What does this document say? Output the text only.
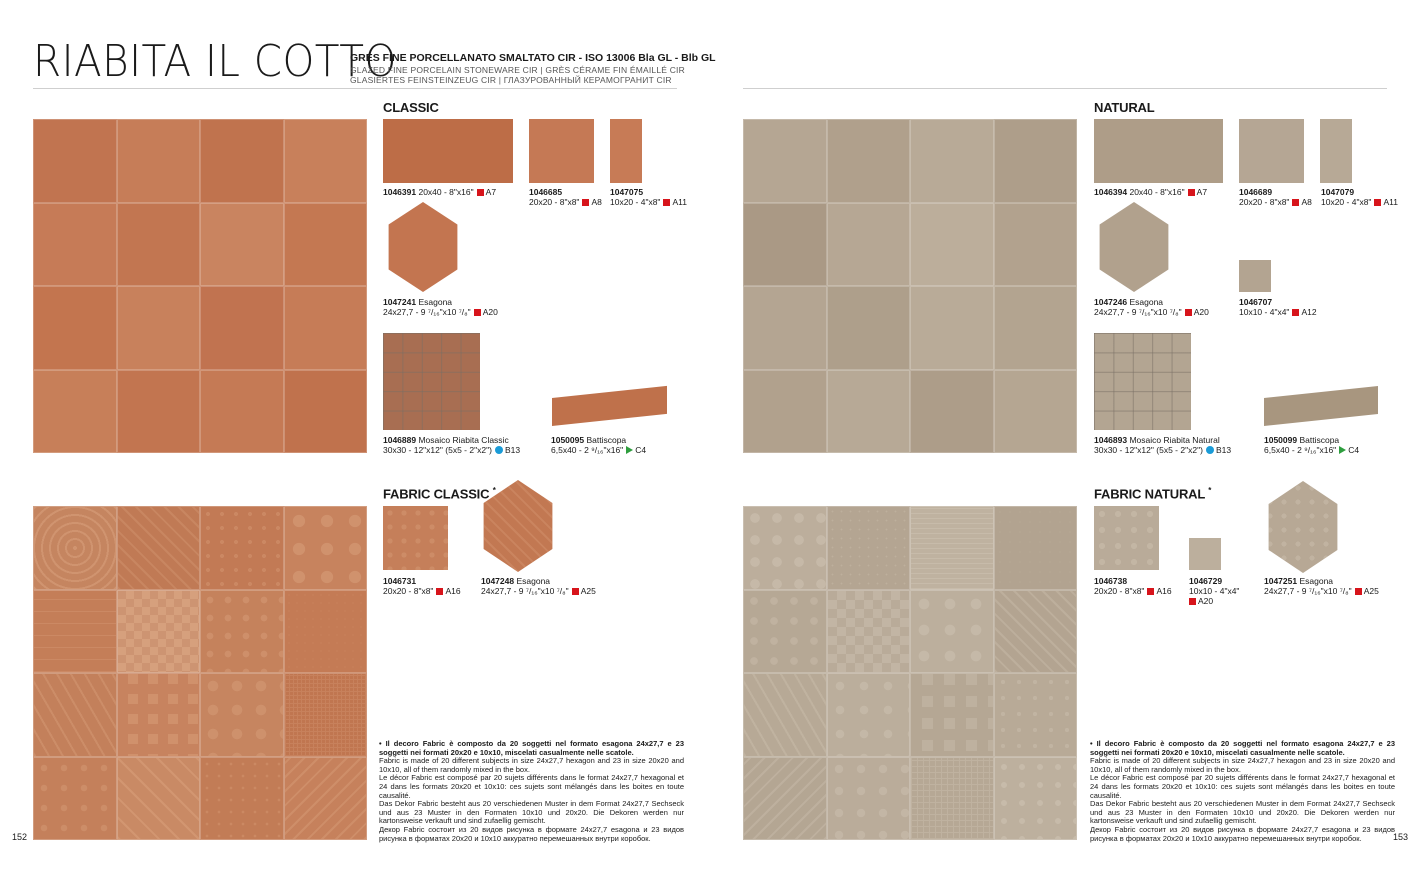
RIABITA IL COTTO
GRES FINE PORCELLANATO SMALTATO CIR - ISO 13006 Bla GL - Blb GL
GLAZED FINE PORCELAIN STONEWARE CIR | GRÈS CÉRAME FIN ÉMAILLÉ CIR
GLASIERTES FEINSTEINZEUG CIR | ГЛАЗУРОВАННЫЙ КЕРАМОГРАНИТ CIR
CLASSIC
1046391 20x40 - 8"x16" A7	1046685
20x20 - 8"x8" A8
1047075
10x20 - 4"x8" A11
1047241 Esagona
24x27,7 - 9 ⁷/₁₆"x10 ⁷/₈" A20
1046889 Mosaico Riabita Classic
30x30 - 12"x12" (5x5 - 2"x2") B13
1050095 Battiscopa
6,5x40 - 2 ⁹/₁₆"x16" C4
FABRIC CLASSIC *
1046731
20x20 - 8"x8" A16
1047248 Esagona
24x27,7 - 9 ⁷/₁₆"x10 ⁷/₈" A25
• Il decoro Fabric è composto da 20 soggetti nel formato esagona 24x27,7 e 23 soggetti nei formati 20x20 e 10x10, miscelati casualmente nelle scatole.
Fabric is made of 20 different subjects in size 24x27,7 hexagon and 23 in size 20x20 and 10x10, all of them randomly mixed in the box.
Le décor Fabric est composé par 20 sujets différents dans le format 24x27,7 hexagonal et 24 dans les formats 20x20 et 10x10: ces sujets sont mélangés dans les boites en toute causalité.
Das Dekor Fabric besteht aus 20 verschiedenen Muster in dem Format 24x27,7 Sechseck und aus 23 Muster in den Formaten 10x10 und 20x20. Die Dekoren werden nur kartonsweise verkauft und sind zufaellig gemischt.
Декор Fabric состоит из 20 видов рисунка в формате 24x27,7 esagona и 23 видов рисунка в форматах 20x20 и 10x10 аккуратно перемешанных внутри коробок.
152
NATURAL
1046394 20x40 - 8"x16" A7	1046689
20x20 - 8"x8" A8
1047079
10x20 - 4"x8" A11
1047246 Esagona
24x27,7 - 9 ⁷/₁₆"x10 ⁷/₈" A20
1046707
10x10 - 4"x4" A12
1046893 Mosaico Riabita Natural
30x30 - 12"x12" (5x5 - 2"x2") B13
1050099 Battiscopa
6,5x40 - 2 ⁹/₁₆"x16" C4
FABRIC NATURAL *
1046738
20x20 - 8"x8" A16
1046729
10x10 - 4"x4"
A20
1047251 Esagona
24x27,7 - 9 ⁷/₁₆"x10 ⁷/₈" A25
• Il decoro Fabric è composto da 20 soggetti nel formato esagona 24x27,7 e 23 soggetti nei formati 20x20 e 10x10, miscelati casualmente nelle scatole.
Fabric is made of 20 different subjects in size 24x27,7 hexagon and 23 in size 20x20 and 10x10, all of them randomly mixed in the box.
Le décor Fabric est composé par 20 sujets différents dans le format 24x27,7 hexagonal et 24 dans les formats 20x20 et 10x10: ces sujets sont mélangés dans les boites en toute causalité.
Das Dekor Fabric besteht aus 20 verschiedenen Muster in dem Format 24x27,7 Sechseck und aus 23 Muster in den Formaten 10x10 und 20x20. Die Dekoren werden nur kartonsweise verkauft und sind zufaellig gemischt.
Декор Fabric состоит из 20 видов рисунка в формате 24x27,7 esagona и 23 видов рисунка в форматах 20x20 и 10x10 аккуратно перемешанных внутри коробок.	153
